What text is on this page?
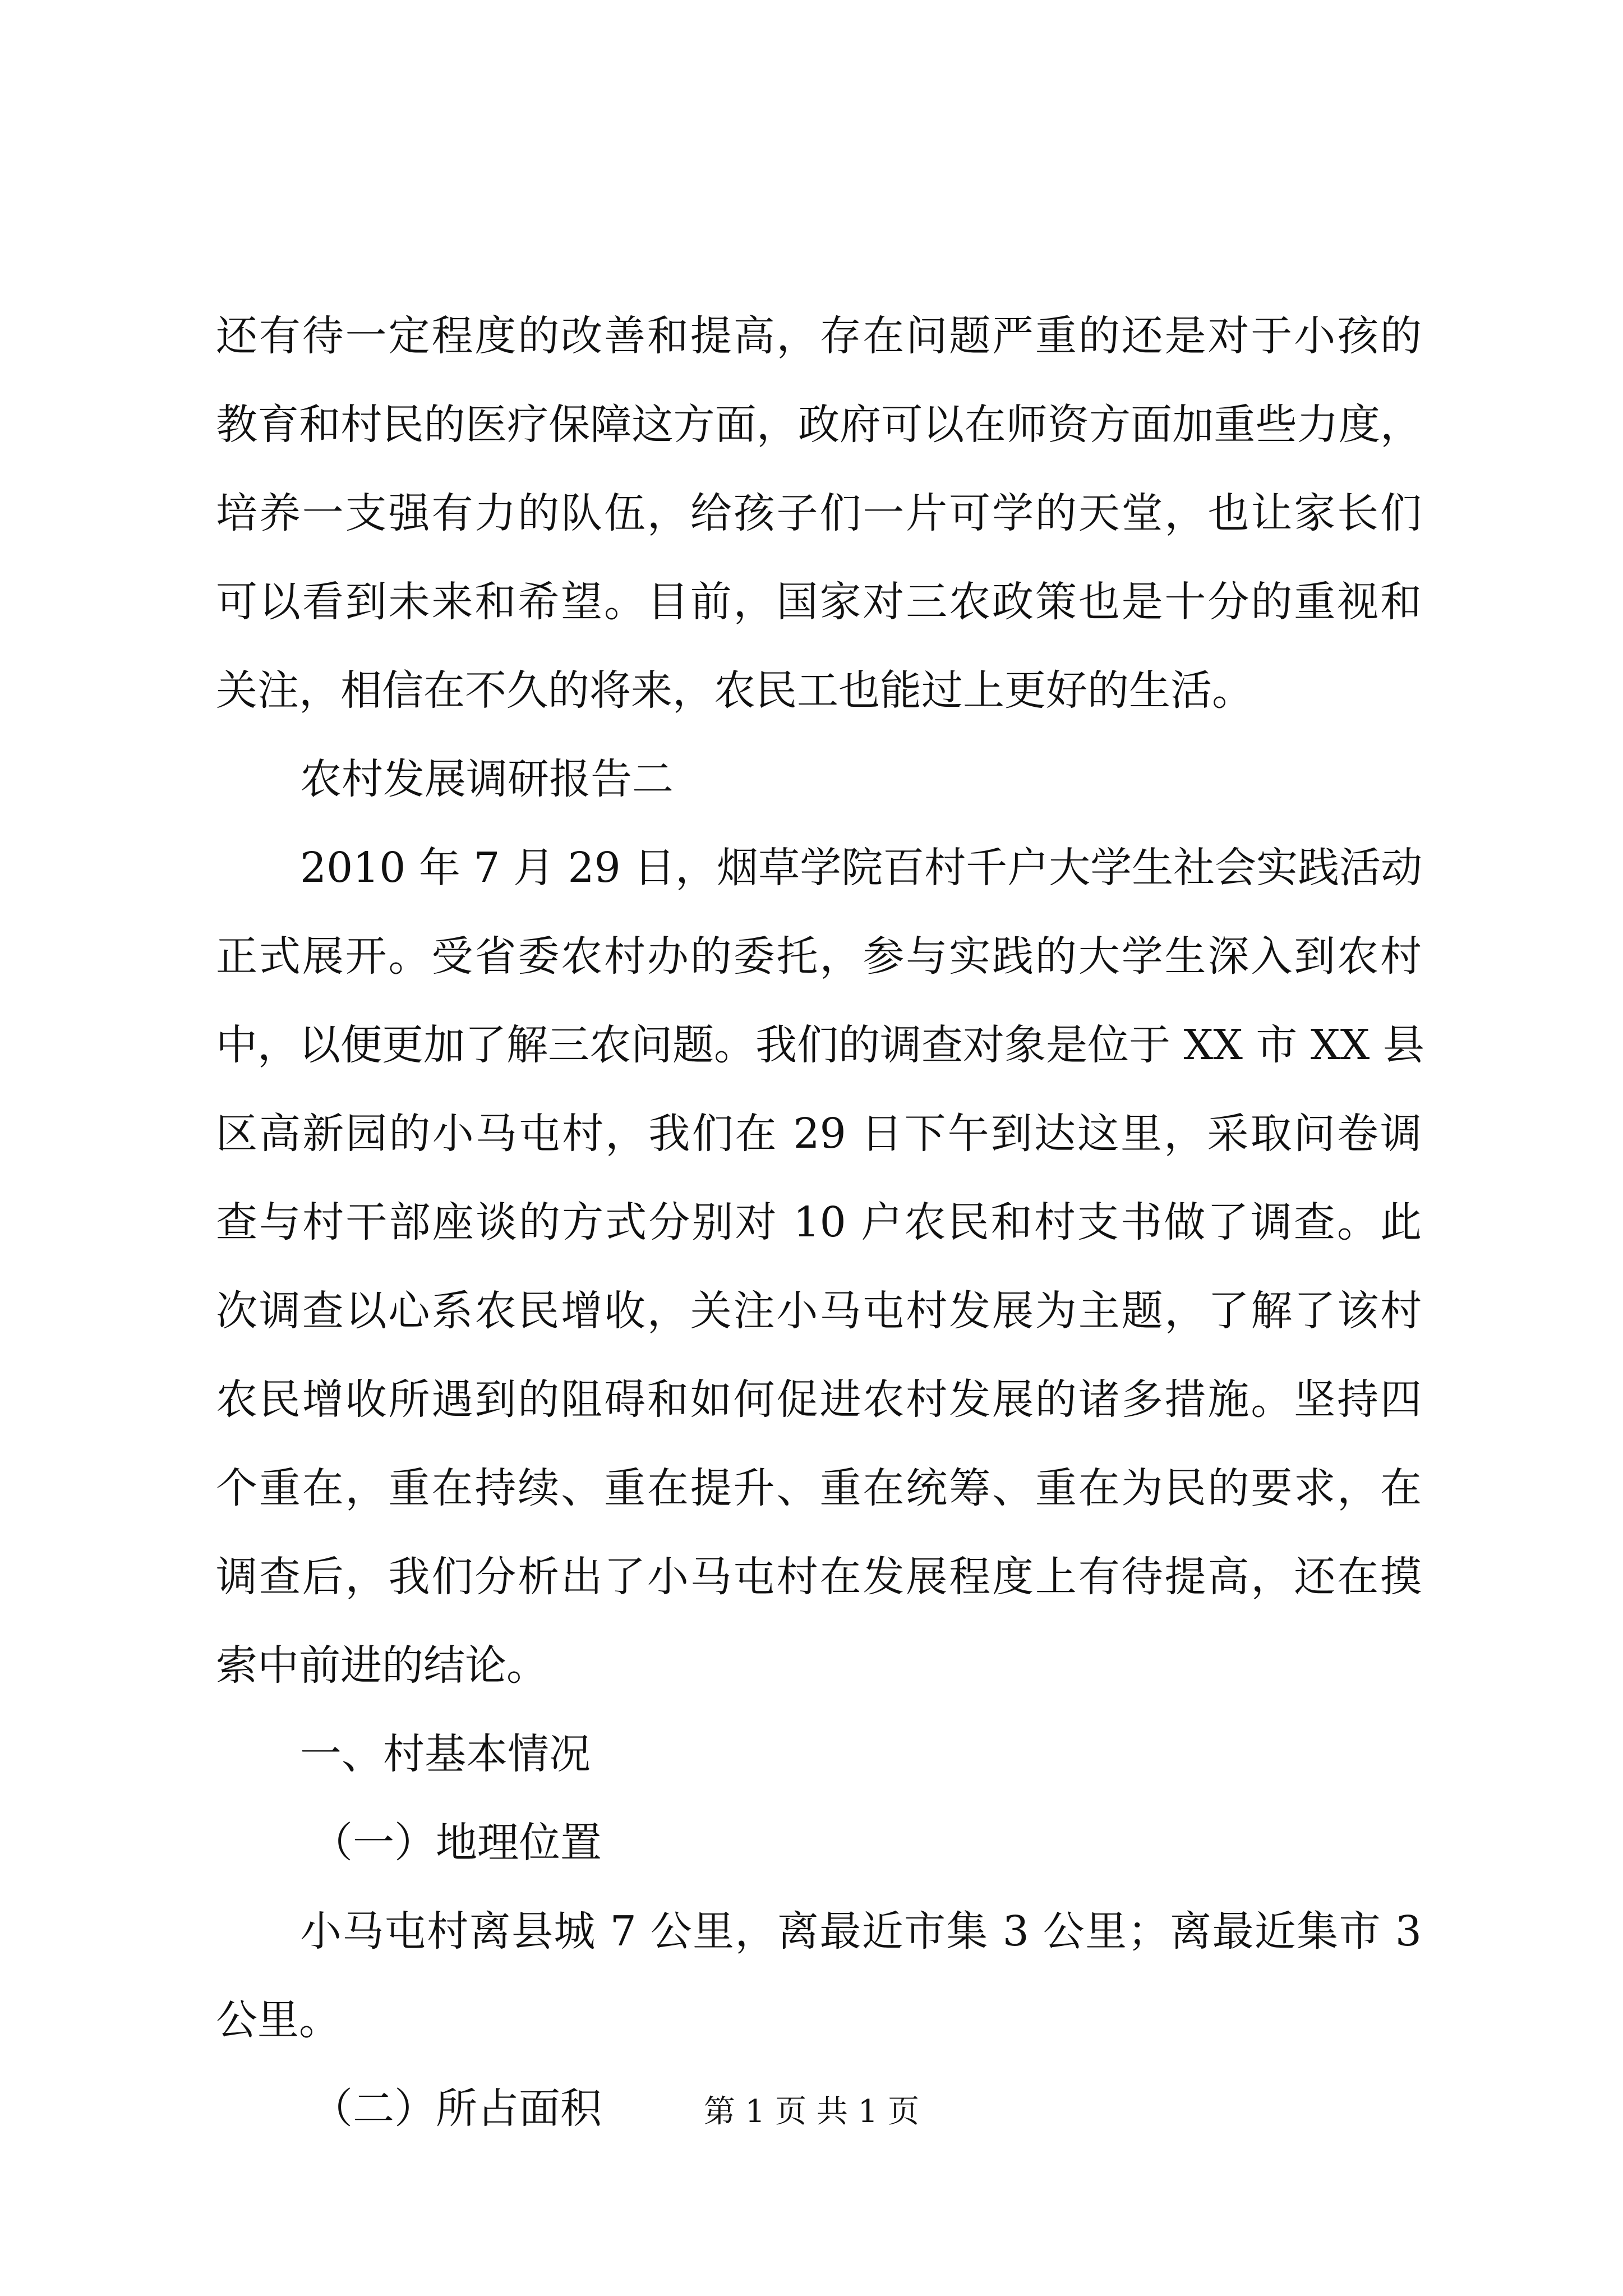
还有待一定程度的改善和提高，存在问题严重的还是对于小孩的
教育和村民的医疗保障这方面，政府可以在师资方面加重些力度，
培养一支强有力的队伍，给孩子们一片可学的天堂，也让家长们
可以看到未来和希望。目前，国家对三农政策也是十分的重视和
关注，相信在不久的将来，农民工也能过上更好的生活。
农村发展调研报告二
2010 年 7 月 29 日，烟草学院百村千户大学生社会实践活动
正式展开。受省委农村办的委托，参与实践的大学生深入到农村
中，以便更加了解三农问题。我们的调查对象是位于 XX 市 XX 县
区高新园的小马屯村，我们在 29 日下午到达这里，采取问卷调
查与村干部座谈的方式分别对 10 户农民和村支书做了调查。此
次调查以心系农民增收，关注小马屯村发展为主题，了解了该村
农民增收所遇到的阻碍和如何促进农村发展的诸多措施。坚持四
个重在，重在持续、重在提升、重在统筹、重在为民的要求，在
调查后，我们分析出了小马屯村在发展程度上有待提高，还在摸
索中前进的结论。
一、村基本情况
（一）地理位置
小马屯村离县城 7 公里，离最近市集 3 公里；离最近集市 3
公里。
（二）所占面积	第 1 页 共 1 页
